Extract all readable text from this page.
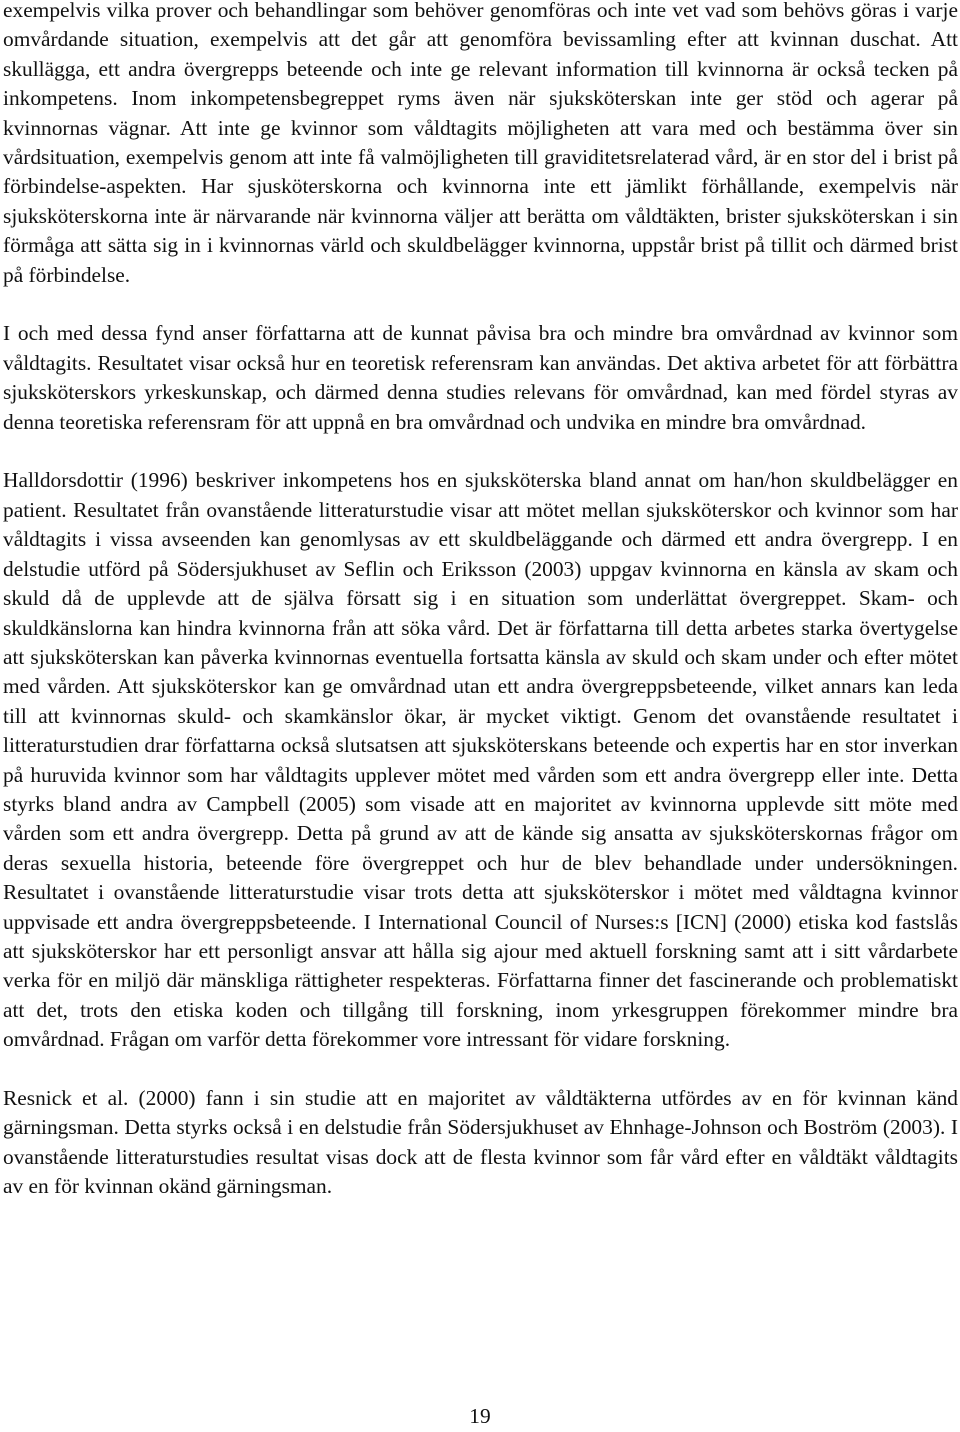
exempelvis vilka prover och behandlingar som behöver genomföras och inte vet vad som behövs göras i varje omvårdande situation, exempelvis att det går att genomföra bevissamling efter att kvinnan duschat. Att skullägga, ett andra övergrepps beteende och inte ge relevant information till kvinnorna är också tecken på inkompetens. Inom inkompetensbegreppet ryms även när sjuksköterskan inte ger stöd och agerar på kvinnornas vägnar. Att inte ge kvinnor som våldtagits möjligheten att vara med och bestämma över sin vårdsituation, exempelvis genom att inte få valmöjligheten till graviditetsrelaterad vård, är en stor del i brist på förbindelse-aspekten. Har sjusköterskorna och kvinnorna inte ett jämlikt förhållande, exempelvis när sjuksköterskorna inte är närvarande när kvinnorna väljer att berätta om våldtäkten, brister sjuksköterskan i sin förmåga att sätta sig in i kvinnornas värld och skuldbelägger kvinnorna, uppstår brist på tillit och därmed brist på förbindelse.

I och med dessa fynd anser författarna att de kunnat påvisa bra och mindre bra omvårdnad av kvinnor som våldtagits. Resultatet visar också hur en teoretisk referensram kan användas. Det aktiva arbetet för att förbättra sjuksköterskors yrkeskunskap, och därmed denna studies relevans för omvårdnad, kan med fördel styras av denna teoretiska referensram för att uppnå en bra omvårdnad och undvika en mindre bra omvårdnad.

Halldorsdottir (1996) beskriver inkompetens hos en sjuksköterska bland annat om han/hon skuldbelägger en patient. Resultatet från ovanstående litteraturstudie visar att mötet mellan sjuksköterskor och kvinnor som har våldtagits i vissa avseenden kan genomlysas av ett skuldbeläggande och därmed ett andra övergrepp. I en delstudie utförd på Södersjukhuset av Seflin och Eriksson (2003) uppgav kvinnorna en känsla av skam och skuld då de upplevde att de själva försatt sig i en situation som underlättat övergreppet. Skam- och skuldkänslorna kan hindra kvinnorna från att söka vård. Det är författarna till detta arbetes starka övertygelse att sjuksköterskan kan påverka kvinnornas eventuella fortsatta känsla av skuld och skam under och efter mötet med vården. Att sjuksköterskor kan ge omvårdnad utan ett andra övergreppsbeteende, vilket annars kan leda till att kvinnornas skuld- och skamkänslor ökar, är mycket viktigt. Genom det ovanstående resultatet i litteraturstudien drar författarna också slutsatsen att sjuksköterskans beteende och expertis har en stor inverkan på huruvida kvinnor som har våldtagits upplever mötet med vården som ett andra övergrepp eller inte. Detta styrks bland andra av Campbell (2005) som visade att en majoritet av kvinnorna upplevde sitt möte med vården som ett andra övergrepp. Detta på grund av att de kände sig ansatta av sjuksköterskornas frågor om deras sexuella historia, beteende före övergreppet och hur de blev behandlade under undersökningen. Resultatet i ovanstående litteraturstudie visar trots detta att sjuksköterskor i mötet med våldtagna kvinnor uppvisade ett andra övergreppsbeteende. I International Council of Nurses:s [ICN] (2000) etiska kod fastslås att sjuksköterskor har ett personligt ansvar att hålla sig ajour med aktuell forskning samt att i sitt vårdarbete verka för en miljö där mänskliga rättigheter respekteras. Författarna finner det fascinerande och problematiskt att det, trots den etiska koden och tillgång till forskning, inom yrkesgruppen förekommer mindre bra omvårdnad. Frågan om varför detta förekommer vore intressant för vidare forskning.

Resnick et al. (2000) fann i sin studie att en majoritet av våldtäkterna utfördes av en för kvinnan känd gärningsman. Detta styrks också i en delstudie från Södersjukhuset av Ehnhage-Johnson och Boström (2003). I ovanstående litteraturstudies resultat visas dock att de flesta kvinnor som får vård efter en våldtäkt våldtagits av en för kvinnan okänd gärningsman.

19
